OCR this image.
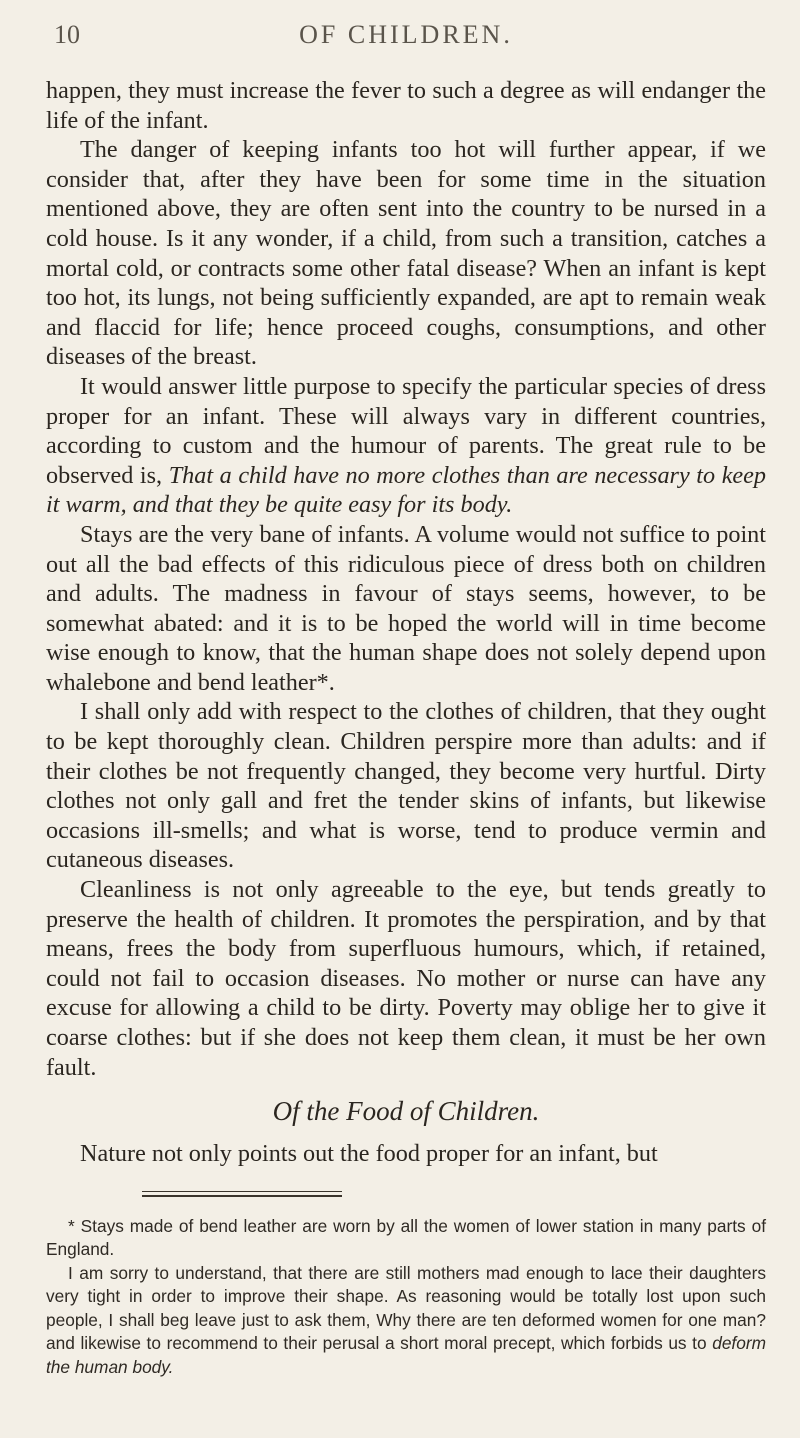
10	OF CHILDREN.

happen, they must increase the fever to such a degree as will endanger the life of the infant.

The danger of keeping infants too hot will further appear, if we consider that, after they have been for some time in the situation mentioned above, they are often sent into the country to be nursed in a cold house. Is it any wonder, if a child, from such a transition, catches a mortal cold, or contracts some other fatal disease? When an infant is kept too hot, its lungs, not being sufficiently expanded, are apt to remain weak and flaccid for life; hence proceed coughs, consumptions, and other diseases of the breast.

It would answer little purpose to specify the particular species of dress proper for an infant. These will always vary in different countries, according to custom and the humour of parents. The great rule to be observed is, That a child have no more clothes than are necessary to keep it warm, and that they be quite easy for its body.

Stays are the very bane of infants. A volume would not suffice to point out all the bad effects of this ridiculous piece of dress both on children and adults. The madness in favour of stays seems, however, to be somewhat abated: and it is to be hoped the world will in time become wise enough to know, that the human shape does not solely depend upon whalebone and bend leather*.

I shall only add with respect to the clothes of children, that they ought to be kept thoroughly clean. Children perspire more than adults: and if their clothes be not frequently changed, they become very hurtful. Dirty clothes not only gall and fret the tender skins of infants, but likewise occasions ill-smells; and what is worse, tend to produce vermin and cutaneous diseases.

Cleanliness is not only agreeable to the eye, but tends greatly to preserve the health of children. It promotes the perspiration, and by that means, frees the body from superfluous humours, which, if retained, could not fail to occasion diseases. No mother or nurse can have any excuse for allowing a child to be dirty. Poverty may oblige her to give it coarse clothes: but if she does not keep them clean, it must be her own fault.

Of the Food of Children.

Nature not only points out the food proper for an infant, but

* Stays made of bend leather are worn by all the women of lower station in many parts of England.

I am sorry to understand, that there are still mothers mad enough to lace their daughters very tight in order to improve their shape. As reasoning would be totally lost upon such people, I shall beg leave just to ask them, Why there are ten deformed women for one man? and likewise to recommend to their perusal a short moral precept, which forbids us to deform the human body.
